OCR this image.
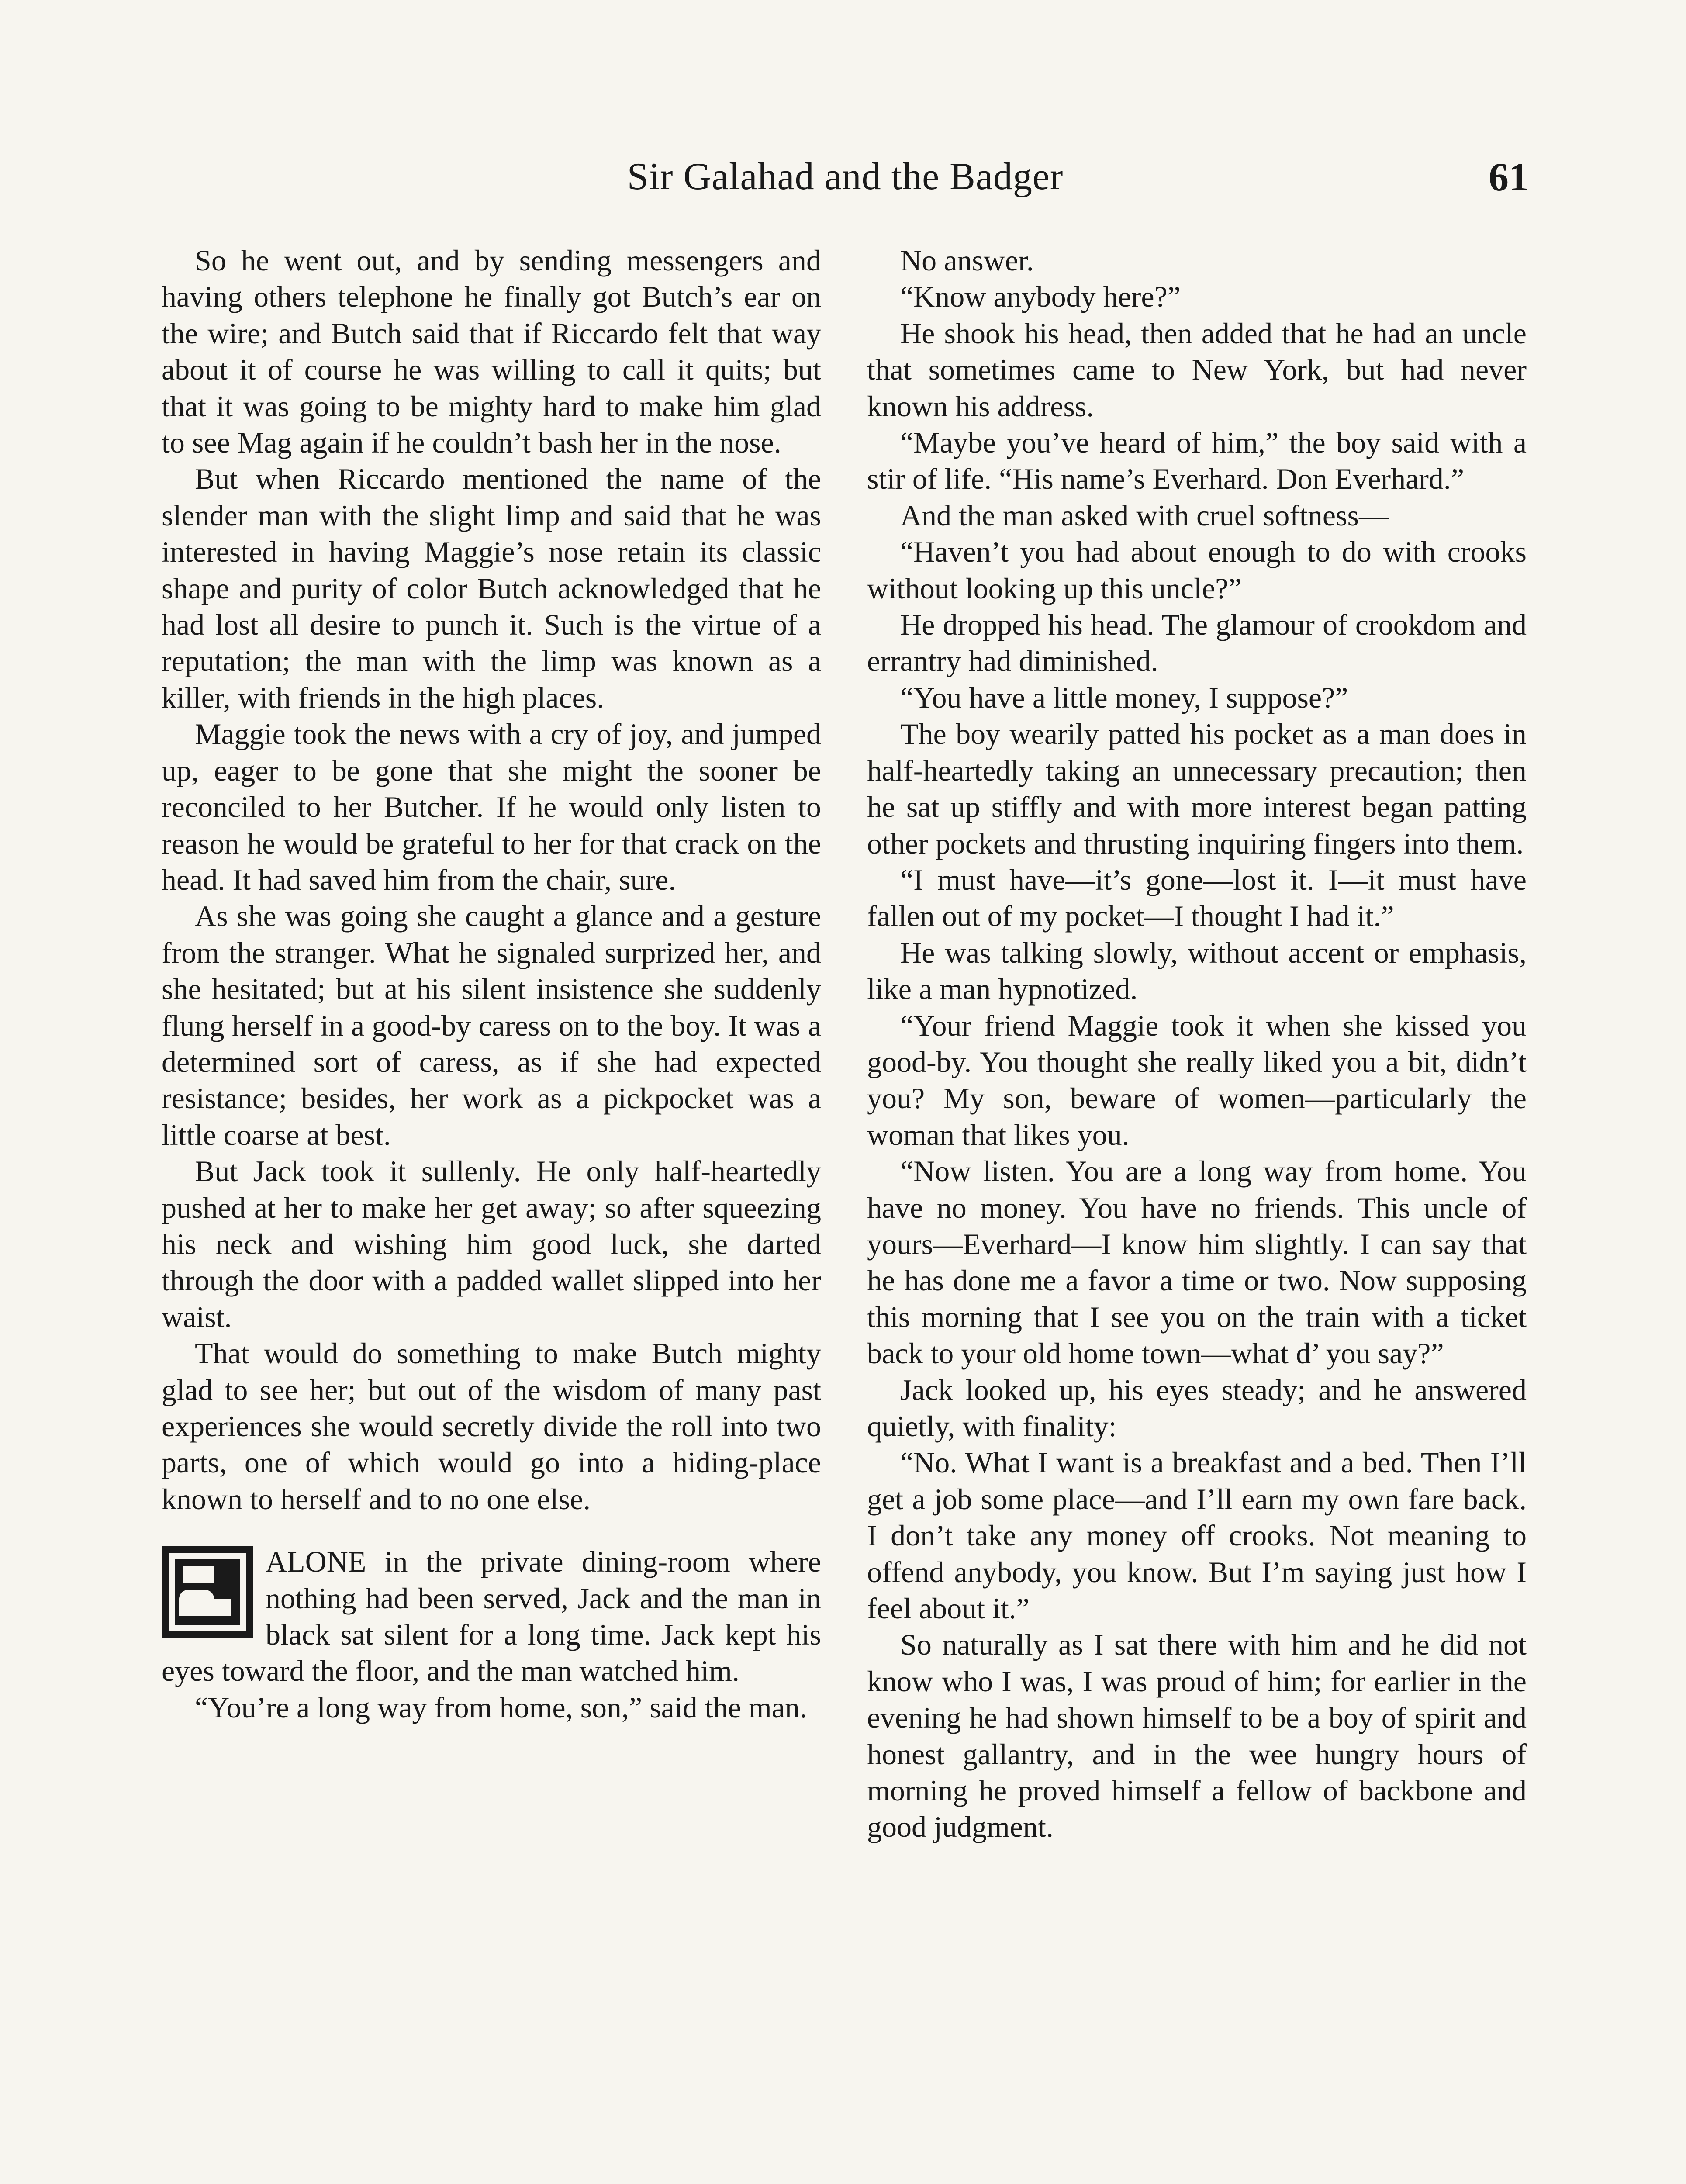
Sir Galahad and the Badger	61

So he went out, and by sending messengers and having others telephone he finally got Butch’s ear on the wire; and Butch said that if Riccardo felt that way about it of course he was willing to call it quits; but that it was going to be mighty hard to make him glad to see Mag again if he couldn’t bash her in the nose.

But when Riccardo mentioned the name of the slender man with the slight limp and said that he was interested in having Maggie’s nose retain its classic shape and purity of color Butch acknowledged that he had lost all desire to punch it. Such is the virtue of a reputation; the man with the limp was known as a killer, with friends in the high places.

Maggie took the news with a cry of joy, and jumped up, eager to be gone that she might the sooner be reconciled to her Butcher. If he would only listen to reason he would be grateful to her for that crack on the head. It had saved him from the chair, sure.

As she was going she caught a glance and a gesture from the stranger. What he signaled surprized her, and she hesitated; but at his silent insistence she suddenly flung herself in a good-by caress on to the boy. It was a determined sort of caress, as if she had expected resistance; besides, her work as a pickpocket was a little coarse at best.

But Jack took it sullenly. He only half-heartedly pushed at her to make her get away; so after squeezing his neck and wishing him good luck, she darted through the door with a padded wallet slipped into her waist.

That would do something to make Butch mighty glad to see her; but out of the wisdom of many past experiences she would secretly divide the roll into two parts, one of which would go into a hiding-place known to herself and to no one else.

ALONE in the private dining-room where nothing had been served, Jack and the man in black sat silent for a long time. Jack kept his eyes toward the floor, and the man watched him.

“You’re a long way from home, son,” said the man.

No answer.

“Know anybody here?”

He shook his head, then added that he had an uncle that sometimes came to New York, but had never known his address.

“Maybe you’ve heard of him,” the boy said with a stir of life. “His name’s Everhard. Don Everhard.”

And the man asked with cruel softness—

“Haven’t you had about enough to do with crooks without looking up this uncle?”

He dropped his head. The glamour of crookdom and errantry had diminished.

“You have a little money, I suppose?”

The boy wearily patted his pocket as a man does in half-heartedly taking an unnecessary precaution; then he sat up stiffly and with more interest began patting other pockets and thrusting inquiring fingers into them.

“I must have—it’s gone—lost it. I—it must have fallen out of my pocket—I thought I had it.”

He was talking slowly, without accent or emphasis, like a man hypnotized.

“Your friend Maggie took it when she kissed you good-by. You thought she really liked you a bit, didn’t you? My son, beware of women—particularly the woman that likes you.

“Now listen. You are a long way from home. You have no money. You have no friends. This uncle of yours—Everhard—I know him slightly. I can say that he has done me a favor a time or two. Now supposing this morning that I see you on the train with a ticket back to your old home town—what d’ you say?”

Jack looked up, his eyes steady; and he answered quietly, with finality:

“No. What I want is a breakfast and a bed. Then I’ll get a job some place—and I’ll earn my own fare back. I don’t take any money off crooks. Not meaning to offend anybody, you know. But I’m saying just how I feel about it.”

So naturally as I sat there with him and he did not know who I was, I was proud of him; for earlier in the evening he had shown himself to be a boy of spirit and honest gallantry, and in the wee hungry hours of morning he proved himself a fellow of backbone and good judgment.
